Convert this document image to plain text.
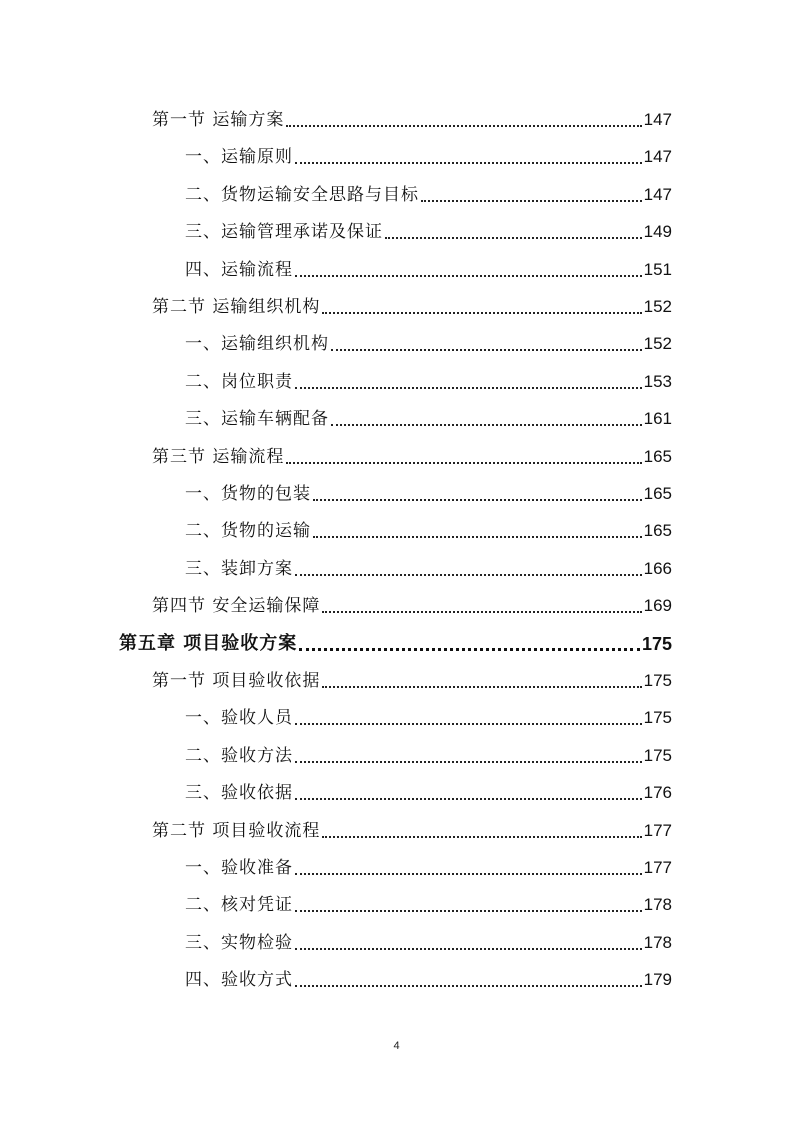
第一节 运输方案	147
一、运输原则	147
二、货物运输安全思路与目标	147
三、运输管理承诺及保证	149
四、运输流程	151
第二节 运输组织机构	152
一、运输组织机构	152
二、岗位职责	153
三、运输车辆配备	161
第三节 运输流程	165
一、货物的包装	165
二、货物的运输	165
三、装卸方案	166
第四节 安全运输保障	169
第五章 项目验收方案	175
第一节 项目验收依据	175
一、验收人员	175
二、验收方法	175
三、验收依据	176
第二节 项目验收流程	177
一、验收准备	177
二、核对凭证	178
三、实物检验	178
四、验收方式	179
4
